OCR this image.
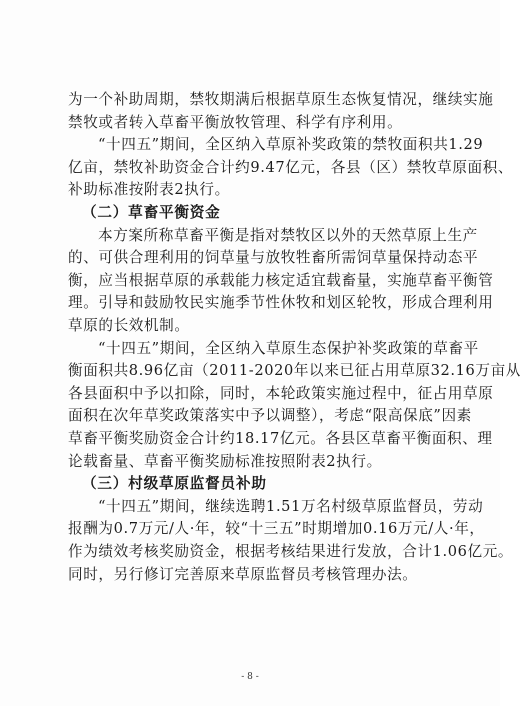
为一个补助周期，禁牧期满后根据草原生态恢复情况，继续实施
禁牧或者转入草畜平衡放牧管理、科学有序利用。
“十四五”期间，全区纳入草原补奖政策的禁牧面积共1.29
亿亩，禁牧补助资金合计约9.47亿元，各县（区）禁牧草原面积、
补助标准按附表2执行。
（二）草畜平衡资金
本方案所称草畜平衡是指对禁牧区以外的天然草原上生产
的、可供合理利用的饲草量与放牧牲畜所需饲草量保持动态平
衡，应当根据草原的承载能力核定适宜载畜量，实施草畜平衡管
理。引导和鼓励牧民实施季节性休牧和划区轮牧，形成合理利用
草原的长效机制。
“十四五”期间，全区纳入草原生态保护补奖政策的草畜平
衡面积共8.96亿亩（2011-2020年以来已征占用草原32.16万亩从
各县面积中予以扣除，同时，本轮政策实施过程中，征占用草原
面积在次年草奖政策落实中予以调整），考虑“限高保底”因素
草畜平衡奖励资金合计约18.17亿元。各县区草畜平衡面积、理
论载畜量、草畜平衡奖励标准按照附表2执行。
（三）村级草原监督员补助
“十四五”期间，继续选聘1.51万名村级草原监督员，劳动
- 8 -
报酬为0.7万元/人·年，较“十三五”时期增加0.16万元/人·年，
作为绩效考核奖励资金，根据考核结果进行发放，合计1.06亿元。
同时，另行修订完善原来草原监督员考核管理办法。
